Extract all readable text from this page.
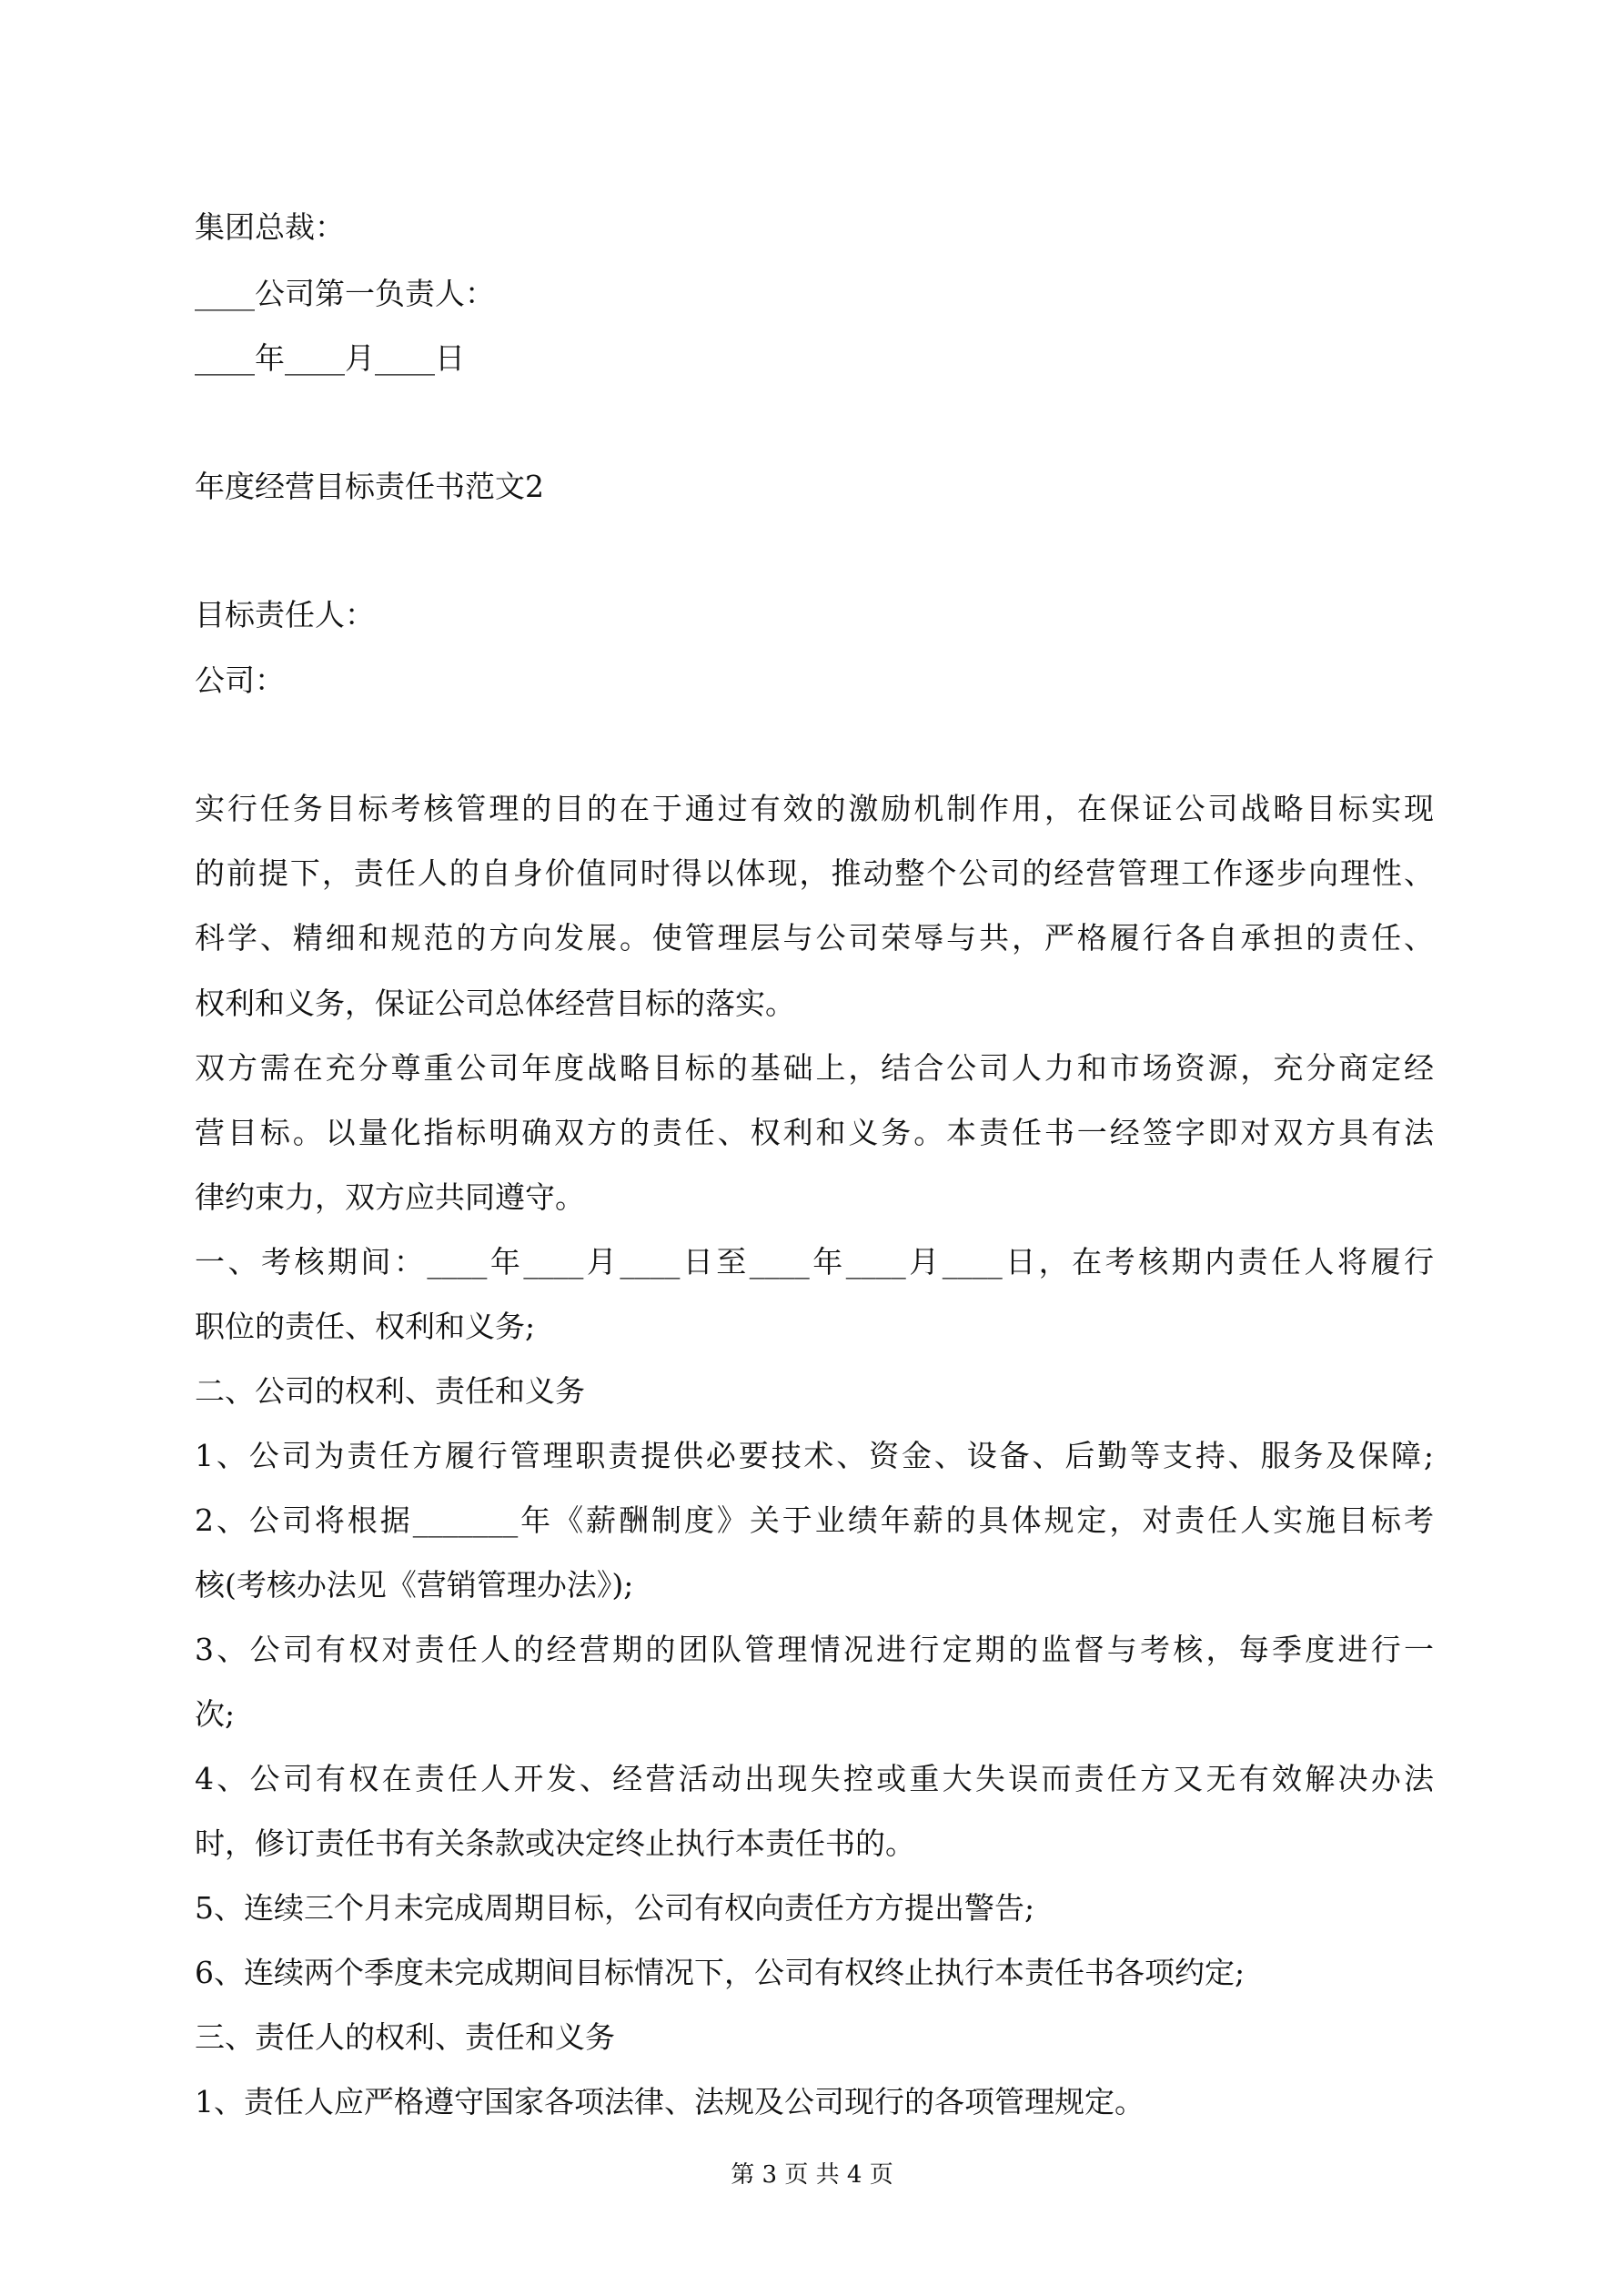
集团总裁：
____公司第一负责人：
____年____月____日
年度经营目标责任书范文2
目标责任人：
公司：
实行任务目标考核管理的目的在于通过有效的激励机制作用，在保证公司战略目标实现
的前提下，责任人的自身价值同时得以体现，推动整个公司的经营管理工作逐步向理性、
科学、精细和规范的方向发展。使管理层与公司荣辱与共，严格履行各自承担的责任、
权利和义务，保证公司总体经营目标的落实。
双方需在充分尊重公司年度战略目标的基础上，结合公司人力和市场资源，充分商定经
营目标。以量化指标明确双方的责任、权利和义务。本责任书一经签字即对双方具有法
律约束力，双方应共同遵守。
一、考核期间：____年____月____日至____年____月____日，在考核期内责任人将履行
职位的责任、权利和义务;
二、公司的权利、责任和义务
1、公司为责任方履行管理职责提供必要技术、资金、设备、后勤等支持、服务及保障;
2、公司将根据_______年《薪酬制度》关于业绩年薪的具体规定，对责任人实施目标考
核(考核办法见《营销管理办法》);
3、公司有权对责任人的经营期的团队管理情况进行定期的监督与考核，每季度进行一
次;
4、公司有权在责任人开发、经营活动出现失控或重大失误而责任方又无有效解决办法
时，修订责任书有关条款或决定终止执行本责任书的。
5、连续三个月未完成周期目标，公司有权向责任方方提出警告;
6、连续两个季度未完成期间目标情况下，公司有权终止执行本责任书各项约定;
三、责任人的权利、责任和义务
1、责任人应严格遵守国家各项法律、法规及公司现行的各项管理规定。
第 3 页 共 4 页
